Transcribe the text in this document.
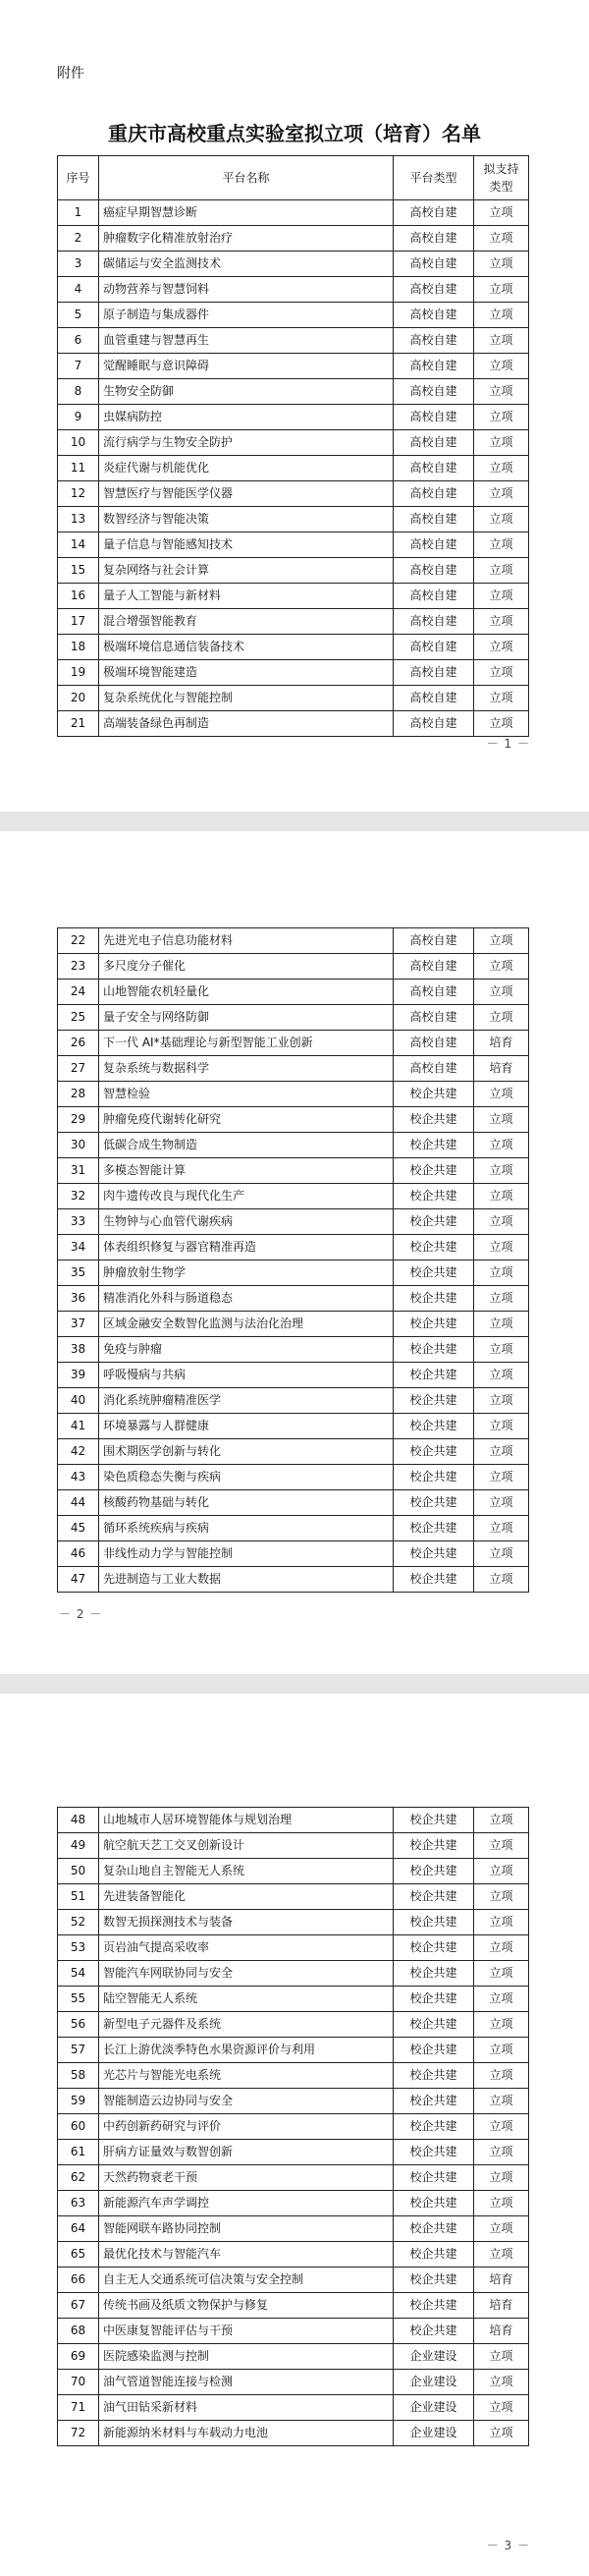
附件
重庆市高校重点实验室拟立项（培育）名单
序号	平台名称	平台类型	拟支持类型
1	癌症早期智慧诊断	高校自建	立项
2	肿瘤数字化精准放射治疗	高校自建	立项
3	碳储运与安全监测技术	高校自建	立项
4	动物营养与智慧饲料	高校自建	立项
5	原子制造与集成器件	高校自建	立项
6	血管重建与智慧再生	高校自建	立项
7	觉醒睡眠与意识障碍	高校自建	立项
8	生物安全防御	高校自建	立项
9	虫媒病防控	高校自建	立项
10	流行病学与生物安全防护	高校自建	立项
11	炎症代谢与机能优化	高校自建	立项
12	智慧医疗与智能医学仪器	高校自建	立项
13	数智经济与智能决策	高校自建	立项
14	量子信息与智能感知技术	高校自建	立项
15	复杂网络与社会计算	高校自建	立项
16	量子人工智能与新材料	高校自建	立项
17	混合增强智能教育	高校自建	立项
18	极端环境信息通信装备技术	高校自建	立项
19	极端环境智能建造	高校自建	立项
20	复杂系统优化与智能控制	高校自建	立项
21	高端装备绿色再制造	高校自建	立项
－ 1 －
22	先进光电子信息功能材料	高校自建	立项
23	多尺度分子催化	高校自建	立项
24	山地智能农机轻量化	高校自建	立项
25	量子安全与网络防御	高校自建	立项
26	下一代 AI*基础理论与新型智能工业创新	高校自建	培育
27	复杂系统与数据科学	高校自建	培育
28	智慧检验	校企共建	立项
29	肿瘤免疫代谢转化研究	校企共建	立项
30	低碳合成生物制造	校企共建	立项
31	多模态智能计算	校企共建	立项
32	肉牛遗传改良与现代化生产	校企共建	立项
33	生物钟与心血管代谢疾病	校企共建	立项
34	体表组织修复与器官精准再造	校企共建	立项
35	肿瘤放射生物学	校企共建	立项
36	精准消化外科与肠道稳态	校企共建	立项
37	区域金融安全数智化监测与法治化治理	校企共建	立项
38	免疫与肿瘤	校企共建	立项
39	呼吸慢病与共病	校企共建	立项
40	消化系统肿瘤精准医学	校企共建	立项
41	环境暴露与人群健康	校企共建	立项
42	围术期医学创新与转化	校企共建	立项
43	染色质稳态失衡与疾病	校企共建	立项
44	核酸药物基础与转化	校企共建	立项
45	循环系统疾病与疾病	校企共建	立项
46	非线性动力学与智能控制	校企共建	立项
47	先进制造与工业大数据	校企共建	立项
－ 2 －
48	山地城市人居环境智能体与规划治理	校企共建	立项
49	航空航天艺工交叉创新设计	校企共建	立项
50	复杂山地自主智能无人系统	校企共建	立项
51	先进装备智能化	校企共建	立项
52	数智无损探测技术与装备	校企共建	立项
53	页岩油气提高采收率	校企共建	立项
54	智能汽车网联协同与安全	校企共建	立项
55	陆空智能无人系统	校企共建	立项
56	新型电子元器件及系统	校企共建	立项
57	长江上游优淡季特色水果资源评价与利用	校企共建	立项
58	光芯片与智能光电系统	校企共建	立项
59	智能制造云边协同与安全	校企共建	立项
60	中药创新药研究与评价	校企共建	立项
61	肝病方证量效与数智创新	校企共建	立项
62	天然药物衰老干预	校企共建	立项
63	新能源汽车声学调控	校企共建	立项
64	智能网联车路协同控制	校企共建	立项
65	最优化技术与智能汽车	校企共建	立项
66	自主无人交通系统可信决策与安全控制	校企共建	培育
67	传统书画及纸质文物保护与修复	校企共建	培育
68	中医康复智能评估与干预	校企共建	培育
69	医院感染监测与控制	企业建设	立项
70	油气管道智能连接与检测	企业建设	立项
71	油气田钻采新材料	企业建设	立项
72	新能源纳米材料与车载动力电池	企业建设	立项
－ 3 －
